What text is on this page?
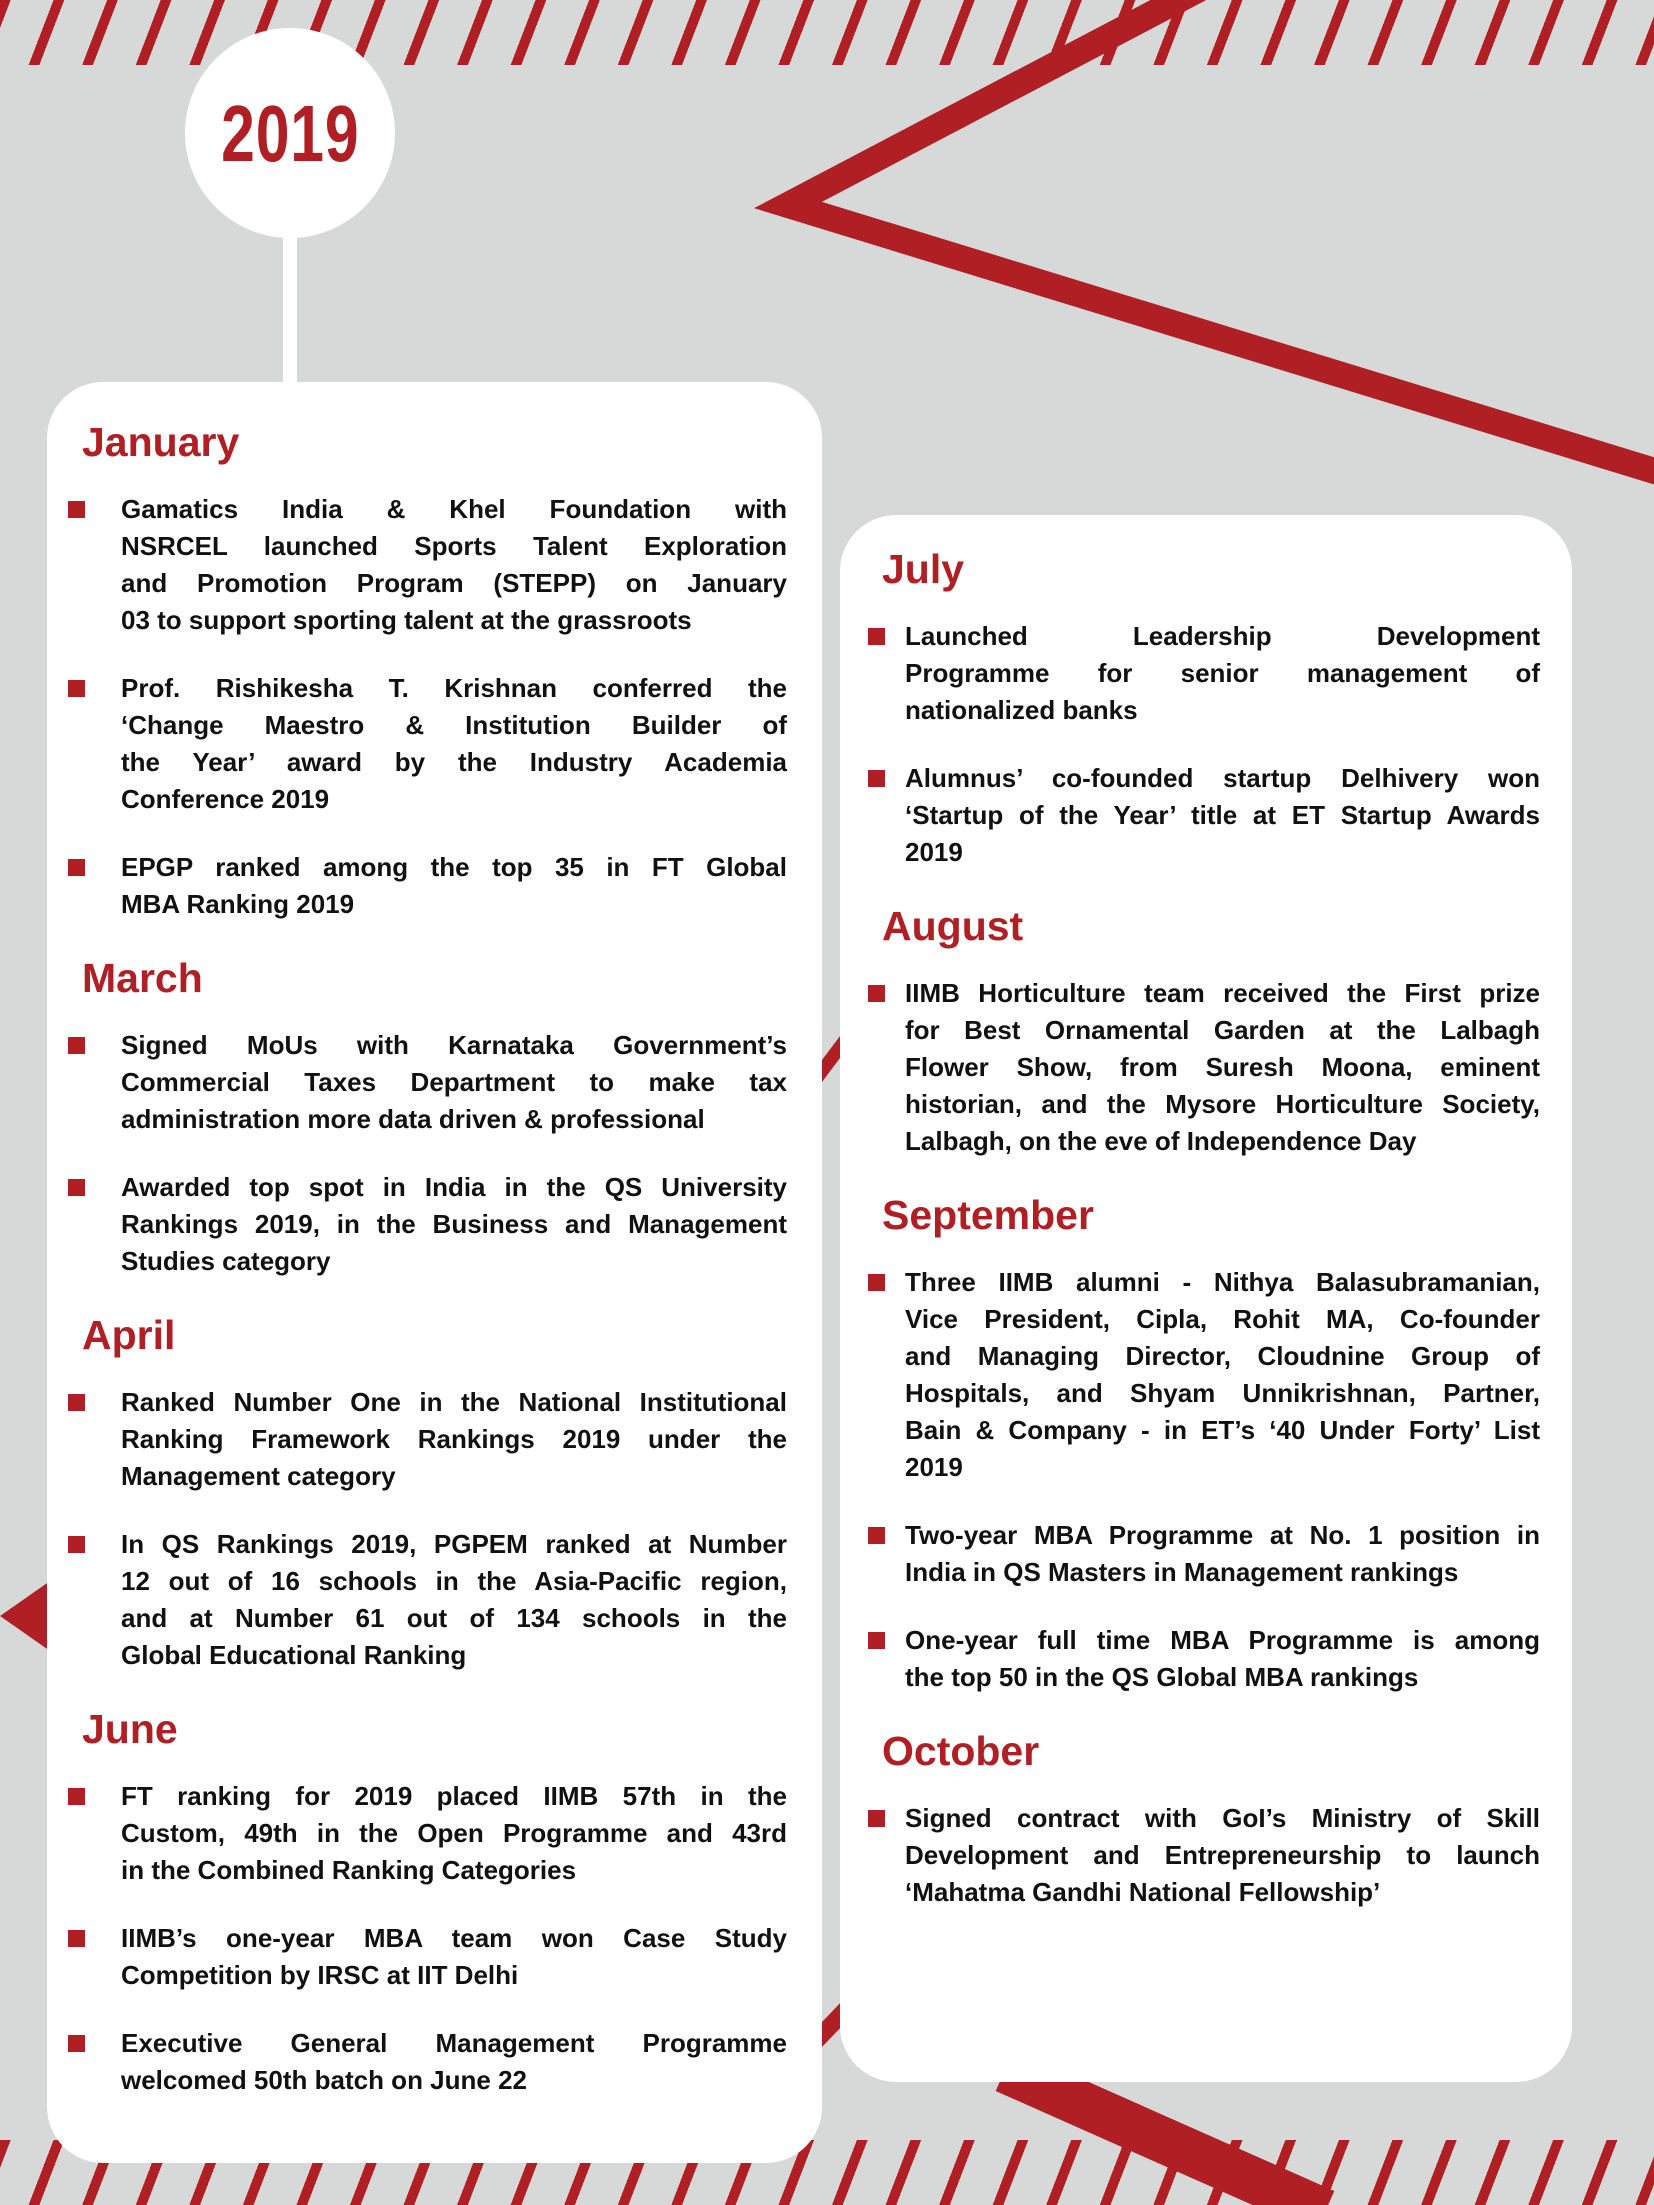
2019
January
Gamatics India & Khel Foundation with
NSRCEL launched Sports Talent Exploration
and Promotion Program (STEPP) on January
03 to support sporting talent at the grassroots
Prof. Rishikesha T. Krishnan conferred the
‘Change Maestro & Institution Builder of
the Year’ award by the Industry Academia
Conference 2019
EPGP ranked among the top 35 in FT Global
MBA Ranking 2019
March
Signed MoUs with Karnataka Government’s
Commercial Taxes Department to make tax
administration more data driven & professional
Awarded top spot in India in the QS University
Rankings 2019, in the Business and Management
Studies category
April
Ranked Number One in the National Institutional
Ranking Framework Rankings 2019 under the
Management category
In QS Rankings 2019, PGPEM ranked at Number
12 out of 16 schools in the Asia-Pacific region,
and at Number 61 out of 134 schools in the
Global Educational Ranking
June
FT ranking for 2019 placed IIMB 57th in the
Custom, 49th in the Open Programme and 43rd
in the Combined Ranking Categories
IIMB’s one-year MBA team won Case Study
Competition by IRSC at IIT Delhi
Executive General Management Programme
welcomed 50th batch on June 22
July
Launched Leadership Development
Programme for senior management of
nationalized banks
Alumnus’ co-founded startup Delhivery won
‘Startup of the Year’ title at ET Startup Awards
2019
August
IIMB Horticulture team received the First prize
for Best Ornamental Garden at the Lalbagh
Flower Show, from Suresh Moona, eminent
historian, and the Mysore Horticulture Society,
Lalbagh, on the eve of Independence Day
September
Three IIMB alumni - Nithya Balasubramanian,
Vice President, Cipla, Rohit MA, Co-founder
and Managing Director, Cloudnine Group of
Hospitals, and Shyam Unnikrishnan, Partner,
Bain & Company - in ET’s ‘40 Under Forty’ List
2019
Two-year MBA Programme at No. 1 position in
India in QS Masters in Management rankings
One-year full time MBA Programme is among
the top 50 in the QS Global MBA rankings
October
Signed contract with GoI’s Ministry of Skill
Development and Entrepreneurship to launch
‘Mahatma Gandhi National Fellowship’
